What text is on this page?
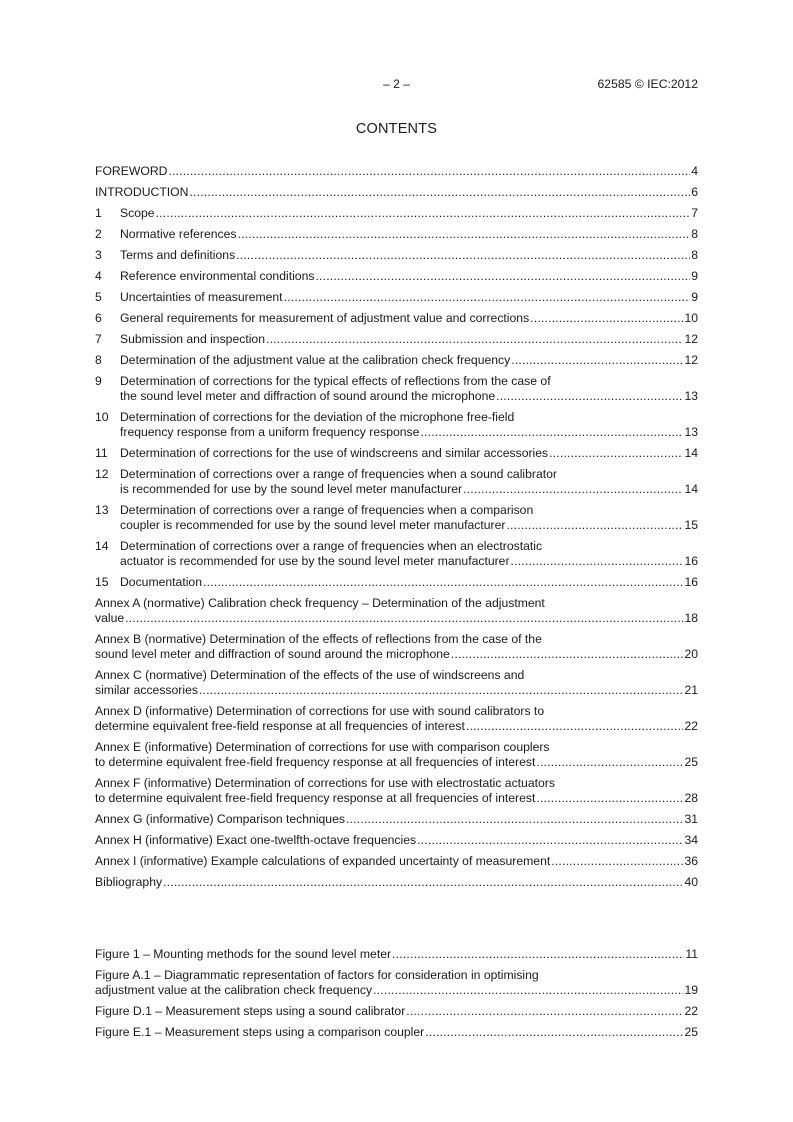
– 2 –	62585 © IEC:2012
CONTENTS
FOREWORD .....	4
INTRODUCTION .....	6
1	Scope .....	7
2	Normative references .....	8
3	Terms and definitions .....	8
4	Reference environmental conditions .....	9
5	Uncertainties of measurement .....	9
6	General requirements for measurement of adjustment value and corrections .....	10
7	Submission and inspection .....	12
8	Determination of the adjustment value at the calibration check frequency .....	12
9	Determination of corrections for the typical effects of reflections from the case of
the sound level meter and diffraction of sound around the microphone .....	13
10 Determination of corrections for the deviation of the microphone free-field
frequency response from a uniform frequency response .....	13
11	Determination of corrections for the use of windscreens and similar accessories .....	14
12 Determination of corrections over a range of frequencies when a sound calibrator
is recommended for use by the sound level meter manufacturer .....	14
13 Determination of corrections over a range of frequencies when a comparison
coupler is recommended for use by the sound level meter manufacturer .....	15
14 Determination of corrections over a range of frequencies when an electrostatic
actuator is recommended for use by the sound level meter manufacturer .....	16
15 Documentation .....	16
Annex A (normative) Calibration check frequency – Determination of the adjustment
value .....	18
Annex B (normative) Determination of the effects of reflections from the case of the
sound level meter and diffraction of sound around the microphone .....	20
Annex C (normative) Determination of the effects of the use of windscreens and
similar accessories .....	21
Annex D (informative) Determination of corrections for use with sound calibrators to
determine equivalent free-field response at all frequencies of interest .....	22
Annex E (informative) Determination of corrections for use with comparison couplers
to determine equivalent free-field frequency response at all frequencies of interest .....	25
Annex F (informative) Determination of corrections for use with electrostatic actuators
to determine equivalent free-field frequency response at all frequencies of interest .....	28
Annex G (informative) Comparison techniques .....	31
Annex H (informative) Exact one-twelfth-octave frequencies .....	34
Annex I (informative) Example calculations of expanded uncertainty of measurement .....	36
Bibliography .....	40
Figure 1 – Mounting methods for the sound level meter .....	11
Figure A.1 – Diagrammatic representation of factors for consideration in optimising
adjustment value at the calibration check frequency .....	19
Figure D.1 – Measurement steps using a sound calibrator .....	22
Figure E.1 – Measurement steps using a comparison coupler .....	25
